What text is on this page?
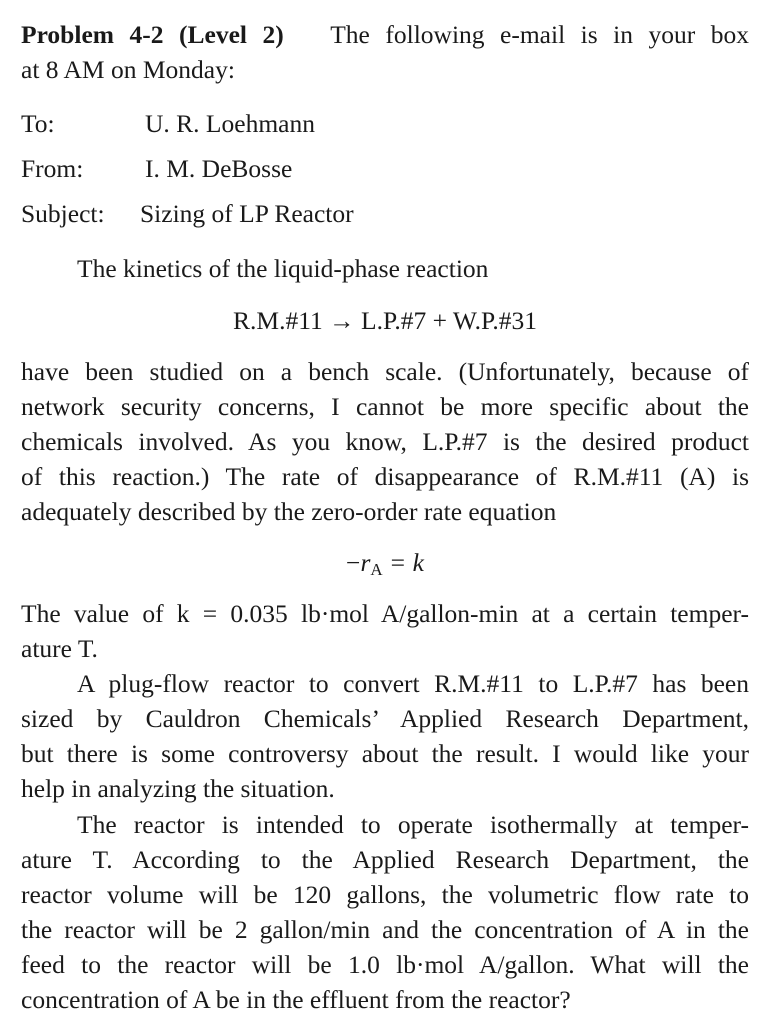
Problem 4-2 (Level 2) The following e-mail is in your box
at 8 AM on Monday:
To:	U. R. Loehmann
From: I. M. DeBosse
Subject: Sizing of LP Reactor
The kinetics of the liquid-phase reaction
R.M.#11 → L.P.#7 + W.P.#31
have been studied on a bench scale. (Unfortunately, because of
network security concerns, I cannot be more specific about the
chemicals involved. As you know, L.P.#7 is the desired product
of this reaction.) The rate of disappearance of R.M.#11 (A) is
adequately described by the zero-order rate equation
$-r_A = k$
The value of k = 0.035 lb·mol A/gallon-min at a certain temper-
ature T.
A plug-flow reactor to convert R.M.#11 to L.P.#7 has been
sized by Cauldron Chemicals’ Applied Research Department,
but there is some controversy about the result. I would like your
help in analyzing the situation.
The reactor is intended to operate isothermally at temper-
ature T. According to the Applied Research Department, the
reactor volume will be 120 gallons, the volumetric flow rate to
the reactor will be 2 gallon/min and the concentration of A in the
feed to the reactor will be 1.0 lb·mol A/gallon. What will the
concentration of A be in the effluent from the reactor?
